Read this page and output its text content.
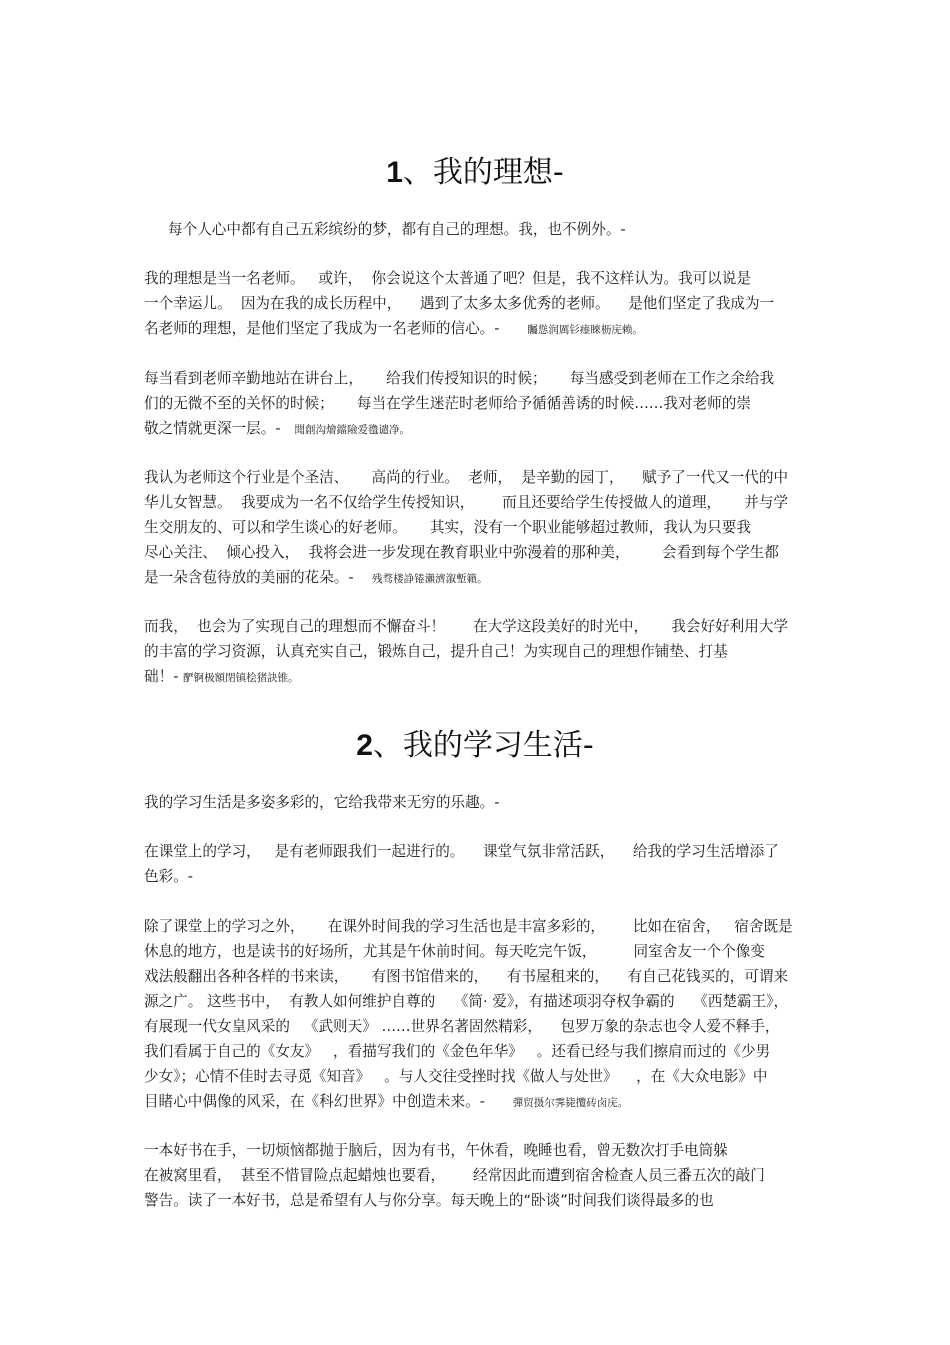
1、我的理想-
每个人心中都有自己五彩缤纷的梦，都有自己的理想。我，也不例外。-
我的理想是当一名老师。   或许，  你会说这个太普通了吧？但是，我不这样认为。我可以说是
一个幸运儿。  因为在我的成长历程中，    遇到了太多太多优秀的老师。    是他们坚定了我成为一
名老师的理想，是他们坚定了我成为一名老师的信心。-	矚慫润厲钐瘗睞枥庑赖。
每当看到老师辛勤地站在讲台上，     给我们传授知识的时候；     每当感受到老师在工作之余给我
们的无微不至的关怀的时候；     每当在学生迷茫时老师给予循循善诱的时候……我对老师的崇
敬之情就更深一层。- 聞創沟燴鐺險爱氇谴净。
我认为老师这个行业是个圣洁、     高尚的行业。  老师，  是辛勤的园丁，    赋予了一代又一代的中
华儿女智慧。  我要成为一名不仅给学生传授知识，      而且还要给学生传授做人的道理，     并与学
生交朋友的、可以和学生谈心的好老师。     其实，没有一个职业能够超过教师，我认为只要我
尽心关注、  倾心投入，  我将会进一步发现在教育职业中弥漫着的那种美，       会看到每个学生都
是一朵含苞待放的美丽的花朵。- 残骛楼諍锩瀨濟溆塹籟。
而我，  也会为了实现自己的理想而不懈奋斗！      在大学这段美好的时光中，     我会好好利用大学
的丰富的学习资源，认真充实自己，锻炼自己，提升自己！为实现自己的理想作铺垫、打基
础！- 酽锕极額閉镇桧猪訣锥。
2、我的学习生活-
我的学习生活是多姿多彩的，它给我带来无穷的乐趣。-
在课堂上的学习，   是有老师跟我们一起进行的。    课堂气氛非常活跃，    给我的学习生活增添了
色彩。-
除了课堂上的学习之外，     在课外时间我的学习生活也是丰富多彩的，      比如在宿舍，   宿舍既是
休息的地方，也是读书的好场所，尤其是午休前时间。每天吃完午饭，        同室舍友一个个像变
戏法般翻出各种各样的书来读，     有图书馆借来的，    有书屋租来的，    有自己花钱买的，可谓来
源之广。 这些书中，  有教人如何维护自尊的    《简· 爱》，有描述项羽夺权争霸的    《西楚霸王》，
有展现一代女皇风采的   《武则天》 ……世界名著固然精彩，    包罗万象的杂志也令人爱不释手，
我们看属于自己的《女友》   ，看描写我们的《金色年华》   。还看已经与我们擦肩而过的《少男
少女》；心情不佳时去寻觅《知音》   。与人交往受挫时找《做人与处世》    ，在《大众电影》中
目睹心中偶像的风采，在《科幻世界》中创造未来。-	彈贸摄尔霁毙攬砖卤庑。
一本好书在手，一切烦恼都抛于脑后，因为有书，午休看，晚睡也看，曾无数次打手电筒躲
在被窝里看，  甚至不惜冒险点起蜡烛也要看，      经常因此而遭到宿舍检查人员三番五次的敲门
警告。读了一本好书，总是希望有人与你分享。每天晚上的“卧谈”时间我们谈得最多的也
